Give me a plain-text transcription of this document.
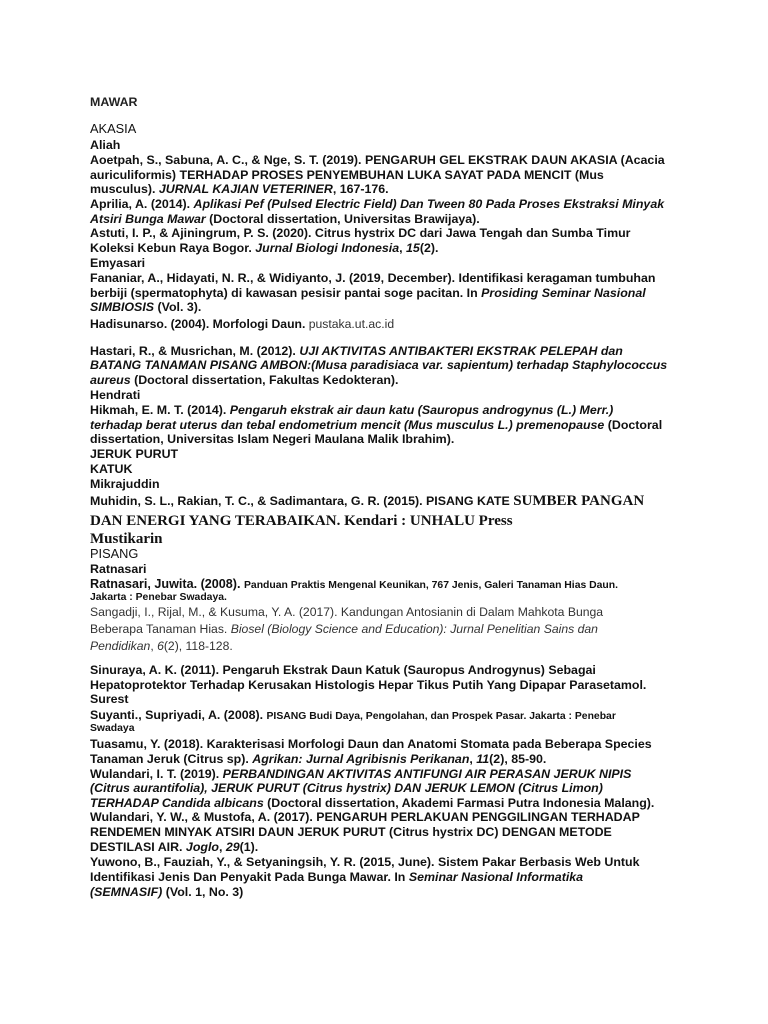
MAWAR
AKASIA
Aliah
Aoetpah, S., Sabuna, A. C., & Nge, S. T. (2019). PENGARUH GEL EKSTRAK DAUN AKASIA (Acacia
auriculiformis) TERHADAP PROSES PENYEMBUHAN LUKA SAYAT PADA MENCIT (Mus
musculus). JURNAL KAJIAN VETERINER, 167-176.
Aprilia, A. (2014). Aplikasi Pef (Pulsed Electric Field) Dan Tween 80 Pada Proses Ekstraksi Minyak
Atsiri Bunga Mawar (Doctoral dissertation, Universitas Brawijaya).
Astuti, I. P., & Ajiningrum, P. S. (2020). Citrus hystrix DC dari Jawa Tengah dan Sumba Timur
Koleksi Kebun Raya Bogor. Jurnal Biologi Indonesia, 15(2).
Emyasari
Fananiar, A., Hidayati, N. R., & Widiyanto, J. (2019, December). Identifikasi keragaman tumbuhan
berbiji (spermatophyta) di kawasan pesisir pantai soge pacitan. In Prosiding Seminar Nasional
SIMBIOSIS (Vol. 3).
Hadisunarso. (2004). Morfologi Daun. pustaka.ut.ac.id
Hastari, R., & Musrichan, M. (2012). UJI AKTIVITAS ANTIBAKTERI EKSTRAK PELEPAH dan
BATANG TANAMAN PISANG AMBON:(Musa paradisiaca var. sapientum) terhadap Staphylococcus
aureus (Doctoral dissertation, Fakultas Kedokteran).
Hendrati
Hikmah, E. M. T. (2014). Pengaruh ekstrak air daun katu (Sauropus androgynus (L.) Merr.)
terhadap berat uterus dan tebal endometrium mencit (Mus musculus L.) premenopause (Doctoral
dissertation, Universitas Islam Negeri Maulana Malik Ibrahim).
JERUK PURUT
KATUK
Mikrajuddin
Muhidin, S. L., Rakian, T. C., & Sadimantara, G. R. (2015). PISANG KATE SUMBER PANGAN
DAN ENERGI YANG TERABAIKAN. Kendari : UNHALU Press
Mustikarin
PISANG
Ratnasari
Ratnasari, Juwita. (2008). Panduan Praktis Mengenal Keunikan, 767 Jenis, Galeri Tanaman Hias Daun.
Jakarta : Penebar Swadaya.
Sangadji, I., Rijal, M., & Kusuma, Y. A. (2017). Kandungan Antosianin di Dalam Mahkota Bunga
Beberapa Tanaman Hias. Biosel (Biology Science and Education): Jurnal Penelitian Sains dan
Pendidikan, 6(2), 118-128.
Sinuraya, A. K. (2011). Pengaruh Ekstrak Daun Katuk (Sauropus Androgynus) Sebagai
Hepatoprotektor Terhadap Kerusakan Histologis Hepar Tikus Putih Yang Dipapar Parasetamol.
Surest
Suyanti., Supriyadi, A. (2008). PISANG Budi Daya, Pengolahan, dan Prospek Pasar. Jakarta : Penebar
Swadaya
Tuasamu, Y. (2018). Karakterisasi Morfologi Daun dan Anatomi Stomata pada Beberapa Species
Tanaman Jeruk (Citrus sp). Agrikan: Jurnal Agribisnis Perikanan, 11(2), 85-90.
Wulandari, I. T. (2019). PERBANDINGAN AKTIVITAS ANTIFUNGI AIR PERASAN JERUK NIPIS
(Citrus aurantifolia), JERUK PURUT (Citrus hystrix) DAN JERUK LEMON (Citrus Limon)
TERHADAP Candida albicans (Doctoral dissertation, Akademi Farmasi Putra Indonesia Malang).
Wulandari, Y. W., & Mustofa, A. (2017). PENGARUH PERLAKUAN PENGGILINGAN TERHADAP
RENDEMEN MINYAK ATSIRI DAUN JERUK PURUT (Citrus hystrix DC) DENGAN METODE
DESTILASI AIR. Joglo, 29(1).
Yuwono, B., Fauziah, Y., & Setyaningsih, Y. R. (2015, June). Sistem Pakar Berbasis Web Untuk
Identifikasi Jenis Dan Penyakit Pada Bunga Mawar. In Seminar Nasional Informatika
(SEMNASIF) (Vol. 1, No. 3)
